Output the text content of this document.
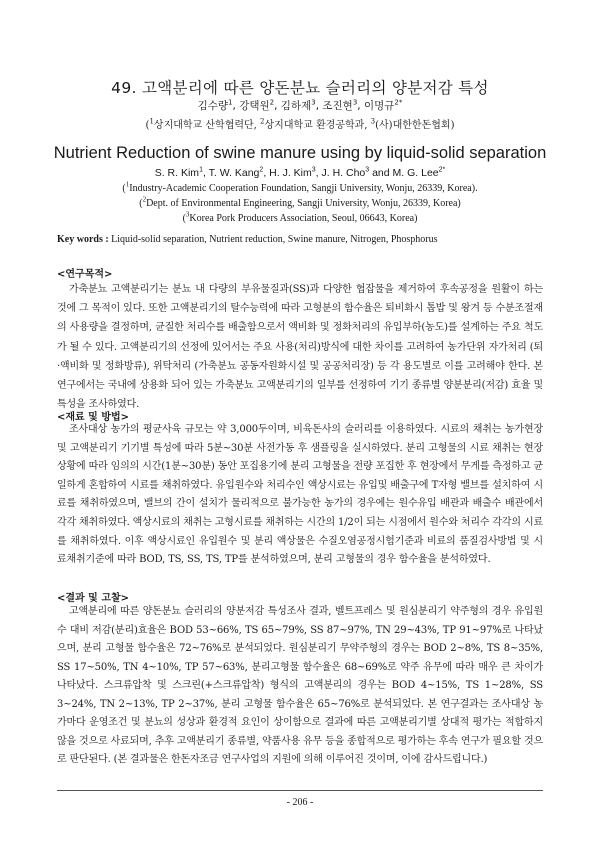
49. 고액분리에 따른 양돈분뇨 슬러리의 양분저감 특성
김수량$^1$, 강택원$^2$, 김하제$^3$, 조진현$^3$, 이명규$^{2*}$
($^1$상지대학교 산학협력단, $^2$상지대학교 환경공학과, $^3$(사)대한한돈협회)
Nutrient Reduction of swine manure using by liquid-solid separation
S. R. Kim$^1$, T. W. Kang$^2$, H. J. Kim$^3$, J. H. Cho$^3$ and M. G. Lee$^{2*}$
($^1$Industry-Academic Cooperation Foundation, Sangji University, Wonju, 26339, Korea).
($^2$Dept. of Environmental Engineering, Sangji University, Wonju, 26339, Korea)
($^3$Korea Pork Producers Association, Seoul, 06643, Korea)
Key words : Liquid-solid separation, Nutrient reduction, Swine manure, Nitrogen, Phosphorus
<연구목적>
가축분뇨 고액분리기는 분뇨 내 다량의 부유물질과(SS)과 다양한 협잡물을 제거하여 후속공정을 원활이 하는 것에 그 목적이 있다. 또한 고액분리기의 탈수능력에 따라 고형분의 함수율은 퇴비화시 톱밥 및 왕겨 등 수분조절재의 사용량을 결정하며, 균질한 처리수를 배출함으로서 액비화 및 정화처리의 유입부하(농도)를 설계하는 주요 척도가 될 수 있다. 고액분리기의 선정에 있어서는 주요 사용(처리)방식에 대한 차이를 고려하여 농가단위 자가처리 (퇴·액비화 및 정화방류), 위탁처리 (가축분뇨 공동자원화시설 및 공공처리장) 등 각 용도별로 이를 고려해야 한다. 본 연구에서는 국내에 상용화 되어 있는 가축분뇨 고액분리기의 일부를 선정하여 기기 종류별 양분분리(저감) 효율 및 특성을 조사하였다.
<재료 및 방법>
조사대상 농가의 평균사육 규모는 약 3,000두이며, 비육돈사의 슬러리를 이용하였다. 시료의 채취는 농가현장 및 고액분리기 기기별 특성에 따라 5분~30분 사전가동 후 샘플링을 실시하였다. 분리 고형물의 시료 채취는 현장 상황에 따라 임의의 시간(1분~30분) 동안 포집용기에 분리 고형물을 전량 포집한 후 현장에서 무게를 측정하고 균일하게 혼합하여 시료를 채취하였다. 유입원수와 처리수인 액상시료는 유입및 배출구에 T자형 밸브를 설치하여 시료를 채취하였으며, 밸브의 간이 설치가 물리적으로 불가능한 농가의 경우에는 원수유입 배관과 배출수 배관에서 각각 채취하였다. 액상시료의 채취는 고형시료를 채취하는 시간의 1/2이 되는 시점에서 원수와 처리수 각각의 시료를 채취하였다. 이후 액상시료인 유입원수 및 분리 액상물은 수질오염공정시험기준과 비료의 품질검사방법 및 시료채취기준에 따라 BOD, TS, SS, TS, TP를 분석하였으며, 분리 고형물의 경우 함수율을 분석하였다.
<결과 및 고찰>
고액분리에 따른 양돈분뇨 슬러리의 양분저감 특성조사 결과, 벨트프레스 및 원심분리기 약주형의 경우 유입원수 대비 저감(분리)효율은 BOD 53~66%, TS 65~79%, SS 87~97%, TN 29~43%, TP 91~97%로 나타났으며, 분리 고형물 함수율은 72~76%로 분석되었다. 원심분리기 무약주형의 경우는 BOD 2~8%, TS 8~35%, SS 17~50%, TN 4~10%, TP 57~63%, 분리고형물 함수율은 68~69%로 약주 유무에 따라 매우 큰 차이가 나타났다. 스크류압착 및 스크린(+스크류압착) 형식의 고액분리의 경우는 BOD 4~15%, TS 1~28%, SS 3~24%, TN 2~13%, TP 2~37%, 분리 고형물 함수율은 65~76%로 분석되었다. 본 연구결과는 조사대상 농가마다 운영조건 및 분뇨의 성상과 환경적 요인이 상이함으로 결과에 따른 고액분리기별 상대적 평가는 적합하지 않을 것으로 사료되며, 추후 고액분리기 종류별, 약품사용 유무 등을 종합적으로 평가하는 후속 연구가 필요할 것으로 판단된다. (본 결과물은 한돈자조금 연구사업의 지원에 의해 이루어진 것이며, 이에 감사드립니다.)
- 206 -
